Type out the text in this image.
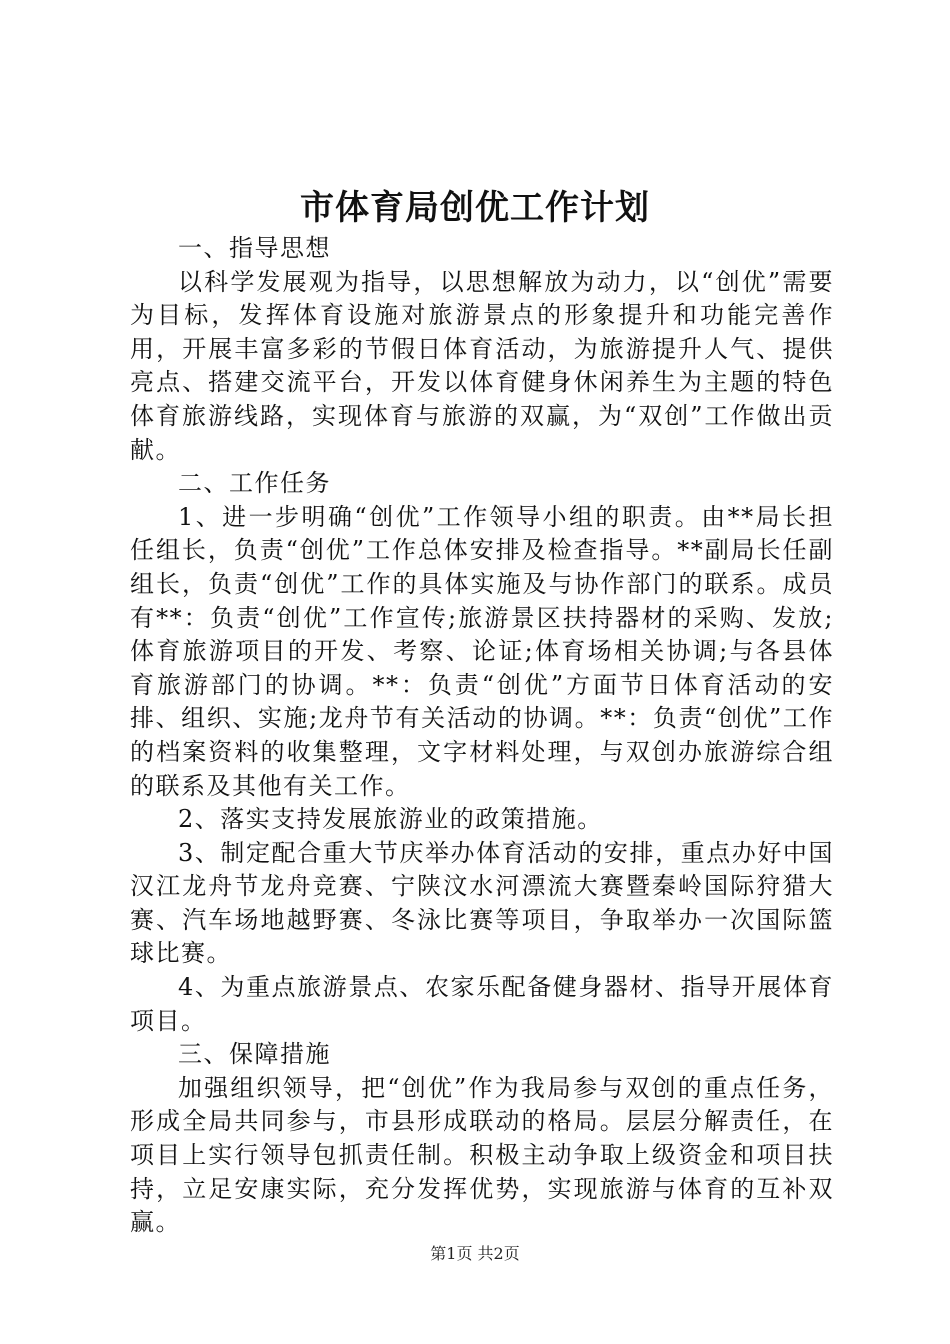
市体育局创优工作计划

一、指导思想

以科学发展观为指导，以思想解放为动力，以“创优”需要为目标，发挥体育设施对旅游景点的形象提升和功能完善作用，开展丰富多彩的节假日体育活动，为旅游提升人气、提供亮点、搭建交流平台，开发以体育健身休闲养生为主题的特色体育旅游线路，实现体育与旅游的双赢，为“双创”工作做出贡献。

二、工作任务

1、进一步明确“创优”工作领导小组的职责。由**局长担任组长，负责“创优”工作总体安排及检查指导。**副局长任副组长，负责“创优”工作的具体实施及与协作部门的联系。成员有**：负责“创优”工作宣传;旅游景区扶持器材的采购、发放;体育旅游项目的开发、考察、论证;体育场相关协调;与各县体育旅游部门的协调。**：负责“创优”方面节日体育活动的安排、组织、实施;龙舟节有关活动的协调。**：负责“创优”工作的档案资料的收集整理，文字材料处理，与双创办旅游综合组的联系及其他有关工作。

2、落实支持发展旅游业的政策措施。

3、制定配合重大节庆举办体育活动的安排，重点办好中国汉江龙舟节龙舟竞赛、宁陕汶水河漂流大赛暨秦岭国际狩猎大赛、汽车场地越野赛、冬泳比赛等项目，争取举办一次国际篮球比赛。

4、为重点旅游景点、农家乐配备健身器材、指导开展体育项目。

三、保障措施

加强组织领导，把“创优”作为我局参与双创的重点任务，形成全局共同参与，市县形成联动的格局。层层分解责任，在项目上实行领导包抓责任制。积极主动争取上级资金和项目扶持，立足安康实际，充分发挥优势，实现旅游与体育的互补双赢。

第1页 共2页
